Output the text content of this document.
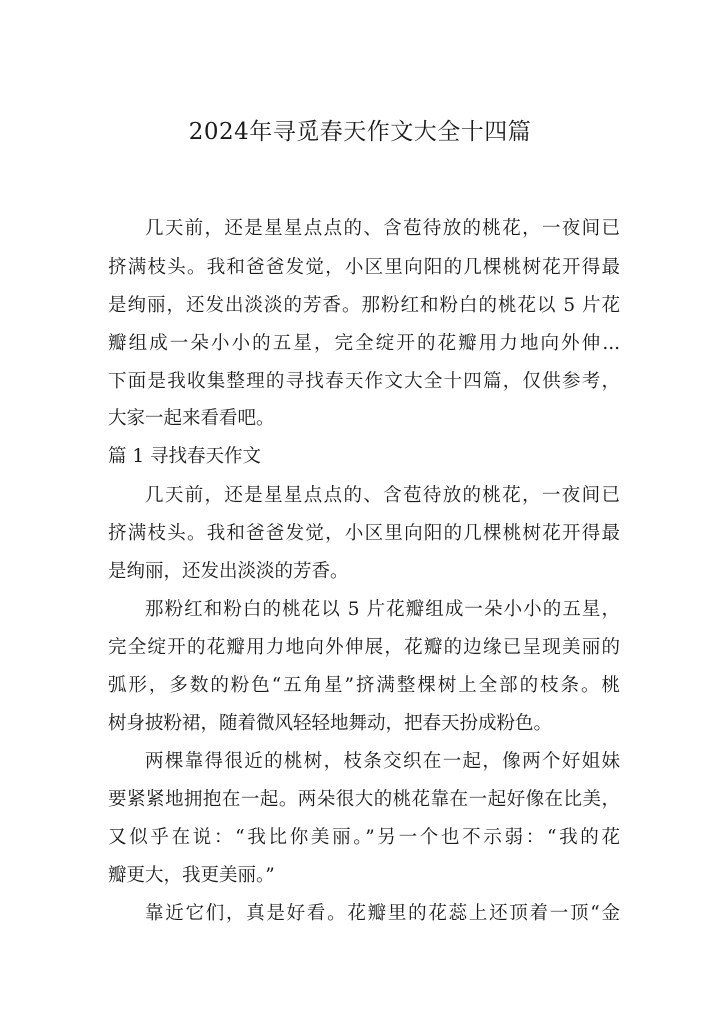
2024年寻觅春天作文大全十四篇
几天前，还是星星点点的、含苞待放的桃花，一夜间已
挤满枝头。我和爸爸发觉，小区里向阳的几棵桃树花开得最
是绚丽，还发出淡淡的芳香。那粉红和粉白的桃花以 5 片花
瓣组成一朵小小的五星，完全绽开的花瓣用力地向外伸...
下面是我收集整理的寻找春天作文大全十四篇，仅供参考，
大家一起来看看吧。
篇 1 寻找春天作文
几天前，还是星星点点的、含苞待放的桃花，一夜间已
挤满枝头。我和爸爸发觉，小区里向阳的几棵桃树花开得最
是绚丽，还发出淡淡的芳香。
那粉红和粉白的桃花以 5 片花瓣组成一朵小小的五星，
完全绽开的花瓣用力地向外伸展，花瓣的边缘已呈现美丽的
弧形，多数的粉色“五角星”挤满整棵树上全部的枝条。桃
树身披粉裙，随着微风轻轻地舞动，把春天扮成粉色。
两棵靠得很近的桃树，枝条交织在一起，像两个好姐妹
要紧紧地拥抱在一起。两朵很大的桃花靠在一起好像在比美，
又似乎在说：“我比你美丽。”另一个也不示弱：“我的花
瓣更大，我更美丽。”
靠近它们，真是好看。花瓣里的花蕊上还顶着一顶“金
